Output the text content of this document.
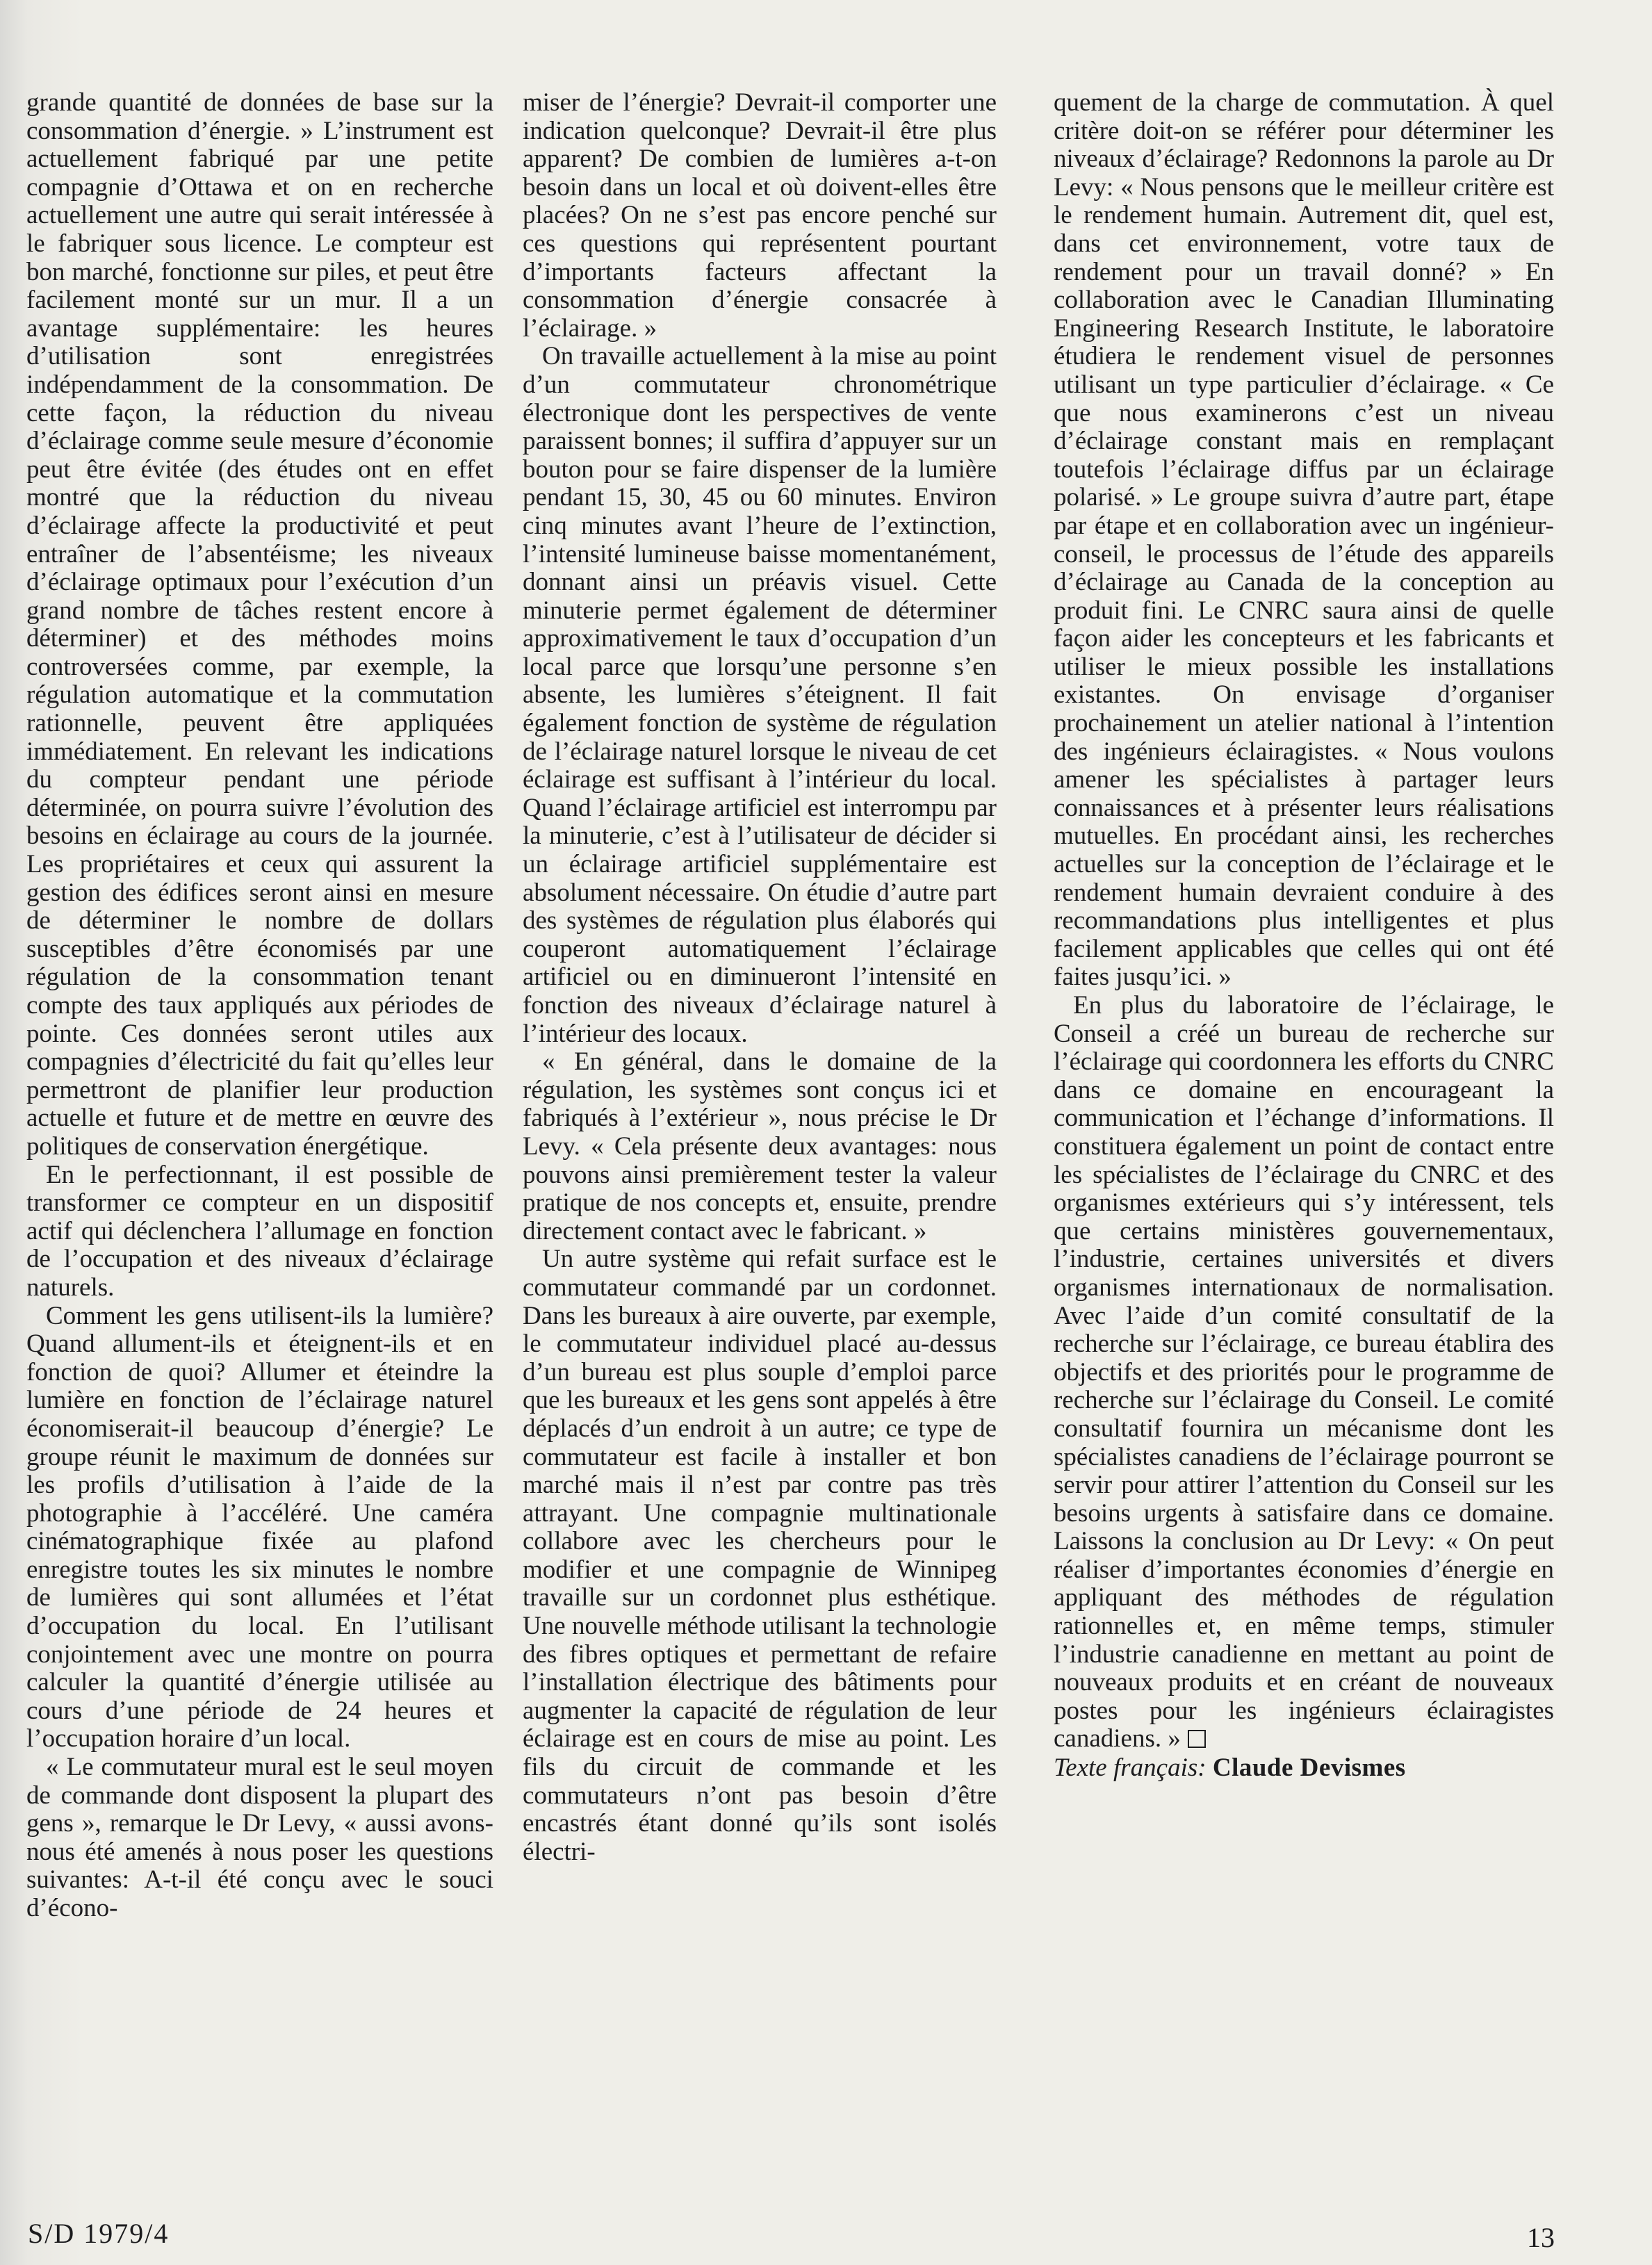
grande quantité de données de base sur la consommation d’énergie. » L’instrument est actuellement fabriqué par une petite compagnie d’Ottawa et on en recherche actuellement une autre qui serait intéressée à le fabriquer sous licence. Le compteur est bon marché, fonctionne sur piles, et peut être facilement monté sur un mur. Il a un avantage supplémentaire: les heures d’utilisation sont enregistrées indépendamment de la consommation. De cette façon, la réduction du niveau d’éclairage comme seule mesure d’économie peut être évitée (des études ont en effet montré que la réduction du niveau d’éclairage affecte la productivité et peut entraîner de l’absentéisme; les niveaux d’éclairage optimaux pour l’exécution d’un grand nombre de tâches restent encore à déterminer) et des méthodes moins controversées comme, par exemple, la régulation automatique et la commutation rationnelle, peuvent être appliquées immédiatement. En relevant les indications du compteur pendant une période déterminée, on pourra suivre l’évolution des besoins en éclairage au cours de la journée. Les propriétaires et ceux qui assurent la gestion des édifices seront ainsi en mesure de déterminer le nombre de dollars susceptibles d’être économisés par une régulation de la consommation tenant compte des taux appliqués aux périodes de pointe. Ces données seront utiles aux compagnies d’électricité du fait qu’elles leur permettront de planifier leur production actuelle et future et de mettre en œuvre des politiques de conservation énergétique.

En le perfectionnant, il est possible de transformer ce compteur en un dispositif actif qui déclenchera l’allumage en fonction de l’occupation et des niveaux d’éclairage naturels.

Comment les gens utilisent-ils la lumière? Quand allument-ils et éteignent-ils et en fonction de quoi? Allumer et éteindre la lumière en fonction de l’éclairage naturel économiserait-il beaucoup d’énergie? Le groupe réunit le maximum de données sur les profils d’utilisation à l’aide de la photographie à l’accéléré. Une caméra cinématographique fixée au plafond enregistre toutes les six minutes le nombre de lumières qui sont allumées et l’état d’occupation du local. En l’utilisant conjointement avec une montre on pourra calculer la quantité d’énergie utilisée au cours d’une période de 24 heures et l’occupation horaire d’un local.

« Le commutateur mural est le seul moyen de commande dont disposent la plupart des gens », remarque le Dr Levy, « aussi avons-nous été amenés à nous poser les questions suivantes: A-t-il été conçu avec le souci d’écono-

miser de l’énergie? Devrait-il comporter une indication quelconque? Devrait-il être plus apparent? De combien de lumières a-t-on besoin dans un local et où doivent-elles être placées? On ne s’est pas encore penché sur ces questions qui représentent pourtant d’importants facteurs affectant la consommation d’énergie consacrée à l’éclairage. »

On travaille actuellement à la mise au point d’un commutateur chronométrique électronique dont les perspectives de vente paraissent bonnes; il suffira d’appuyer sur un bouton pour se faire dispenser de la lumière pendant 15, 30, 45 ou 60 minutes. Environ cinq minutes avant l’heure de l’extinction, l’intensité lumineuse baisse momentanément, donnant ainsi un préavis visuel. Cette minuterie permet également de déterminer approximativement le taux d’occupation d’un local parce que lorsqu’une personne s’en absente, les lumières s’éteignent. Il fait également fonction de système de régulation de l’éclairage naturel lorsque le niveau de cet éclairage est suffisant à l’intérieur du local. Quand l’éclairage artificiel est interrompu par la minuterie, c’est à l’utilisateur de décider si un éclairage artificiel supplémentaire est absolument nécessaire. On étudie d’autre part des systèmes de régulation plus élaborés qui couperont automatiquement l’éclairage artificiel ou en diminueront l’intensité en fonction des niveaux d’éclairage naturel à l’intérieur des locaux.

« En général, dans le domaine de la régulation, les systèmes sont conçus ici et fabriqués à l’extérieur », nous précise le Dr Levy. « Cela présente deux avantages: nous pouvons ainsi premièrement tester la valeur pratique de nos concepts et, ensuite, prendre directement contact avec le fabricant. »

Un autre système qui refait surface est le commutateur commandé par un cordonnet. Dans les bureaux à aire ouverte, par exemple, le commutateur individuel placé au-dessus d’un bureau est plus souple d’emploi parce que les bureaux et les gens sont appelés à être déplacés d’un endroit à un autre; ce type de commutateur est facile à installer et bon marché mais il n’est par contre pas très attrayant. Une compagnie multinationale collabore avec les chercheurs pour le modifier et une compagnie de Winnipeg travaille sur un cordonnet plus esthétique. Une nouvelle méthode utilisant la technologie des fibres optiques et permettant de refaire l’installation électrique des bâtiments pour augmenter la capacité de régulation de leur éclairage est en cours de mise au point. Les fils du circuit de commande et les commutateurs n’ont pas besoin d’être encastrés étant donné qu’ils sont isolés électri-

quement de la charge de commutation. À quel critère doit-on se référer pour déterminer les niveaux d’éclairage? Redonnons la parole au Dr Levy: « Nous pensons que le meilleur critère est le rendement humain. Autrement dit, quel est, dans cet environnement, votre taux de rendement pour un travail donné? » En collaboration avec le Canadian Illuminating Engineering Research Institute, le laboratoire étudiera le rendement visuel de personnes utilisant un type particulier d’éclairage. « Ce que nous examinerons c’est un niveau d’éclairage constant mais en remplaçant toutefois l’éclairage diffus par un éclairage polarisé. » Le groupe suivra d’autre part, étape par étape et en collaboration avec un ingénieur-conseil, le processus de l’étude des appareils d’éclairage au Canada de la conception au produit fini. Le CNRC saura ainsi de quelle façon aider les concepteurs et les fabricants et utiliser le mieux possible les installations existantes. On envisage d’organiser prochainement un atelier national à l’intention des ingénieurs éclairagistes. « Nous voulons amener les spécialistes à partager leurs connaissances et à présenter leurs réalisations mutuelles. En procédant ainsi, les recherches actuelles sur la conception de l’éclairage et le rendement humain devraient conduire à des recommandations plus intelligentes et plus facilement applicables que celles qui ont été faites jusqu’ici. »

En plus du laboratoire de l’éclairage, le Conseil a créé un bureau de recherche sur l’éclairage qui coordonnera les efforts du CNRC dans ce domaine en encourageant la communication et l’échange d’informations. Il constituera également un point de contact entre les spécialistes de l’éclairage du CNRC et des organismes extérieurs qui s’y intéressent, tels que certains ministères gouvernementaux, l’industrie, certaines universités et divers organismes internationaux de normalisation. Avec l’aide d’un comité consultatif de la recherche sur l’éclairage, ce bureau établira des objectifs et des priorités pour le programme de recherche sur l’éclairage du Conseil. Le comité consultatif fournira un mécanisme dont les spécialistes canadiens de l’éclairage pourront se servir pour attirer l’attention du Conseil sur les besoins urgents à satisfaire dans ce domaine. Laissons la conclusion au Dr Levy: « On peut réaliser d’importantes économies d’énergie en appliquant des méthodes de régulation rationnelles et, en même temps, stimuler l’industrie canadienne en mettant au point de nouveaux produits et en créant de nouveaux postes pour les ingénieurs éclairagistes canadiens. »

Texte français: Claude Devismes

S/D 1979/4	13
